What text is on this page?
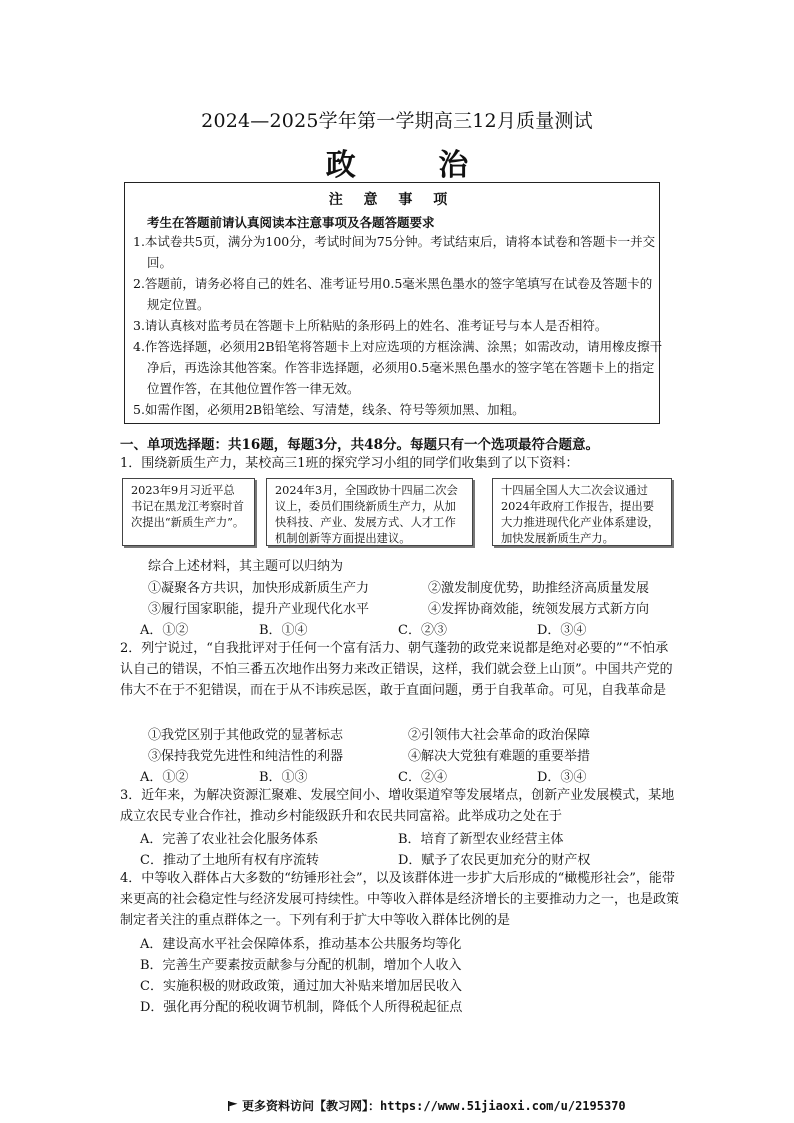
2024—2025学年第一学期高三12月质量测试
政 治
注 意 事 项
考生在答题前请认真阅读本注意事项及各题答题要求
1.本试卷共5页，满分为100分，考试时间为75分钟。考试结束后，请将本试卷和答题卡一并交回。
2.答题前，请务必将自己的姓名、准考证号用0.5毫米黑色墨水的签字笔填写在试卷及答题卡的规定位置。
3.请认真核对监考员在答题卡上所粘贴的条形码上的姓名、准考证号与本人是否相符。
4.作答选择题，必须用2B铅笔将答题卡上对应选项的方框涂满、涂黑；如需改动，请用橡皮擦干净后，再选涂其他答案。作答非选择题，必须用0.5毫米黑色墨水的签字笔在答题卡上的指定位置作答，在其他位置作答一律无效。
5.如需作图，必须用2B铅笔绘、写清楚，线条、符号等须加黑、加粗。
一、单项选择题：共16题，每题3分，共48分。每题只有一个选项最符合题意。
1．围绕新质生产力，某校高三1班的探究学习小组的同学们收集到了以下资料：
2023年9月习近平总书记在黑龙江考察时首次提出“新质生产力”。
2024年3月，全国政协十四届二次会议上，委员们围绕新质生产力，从加快科技、产业、发展方式、人才工作机制创新等方面提出建议。
十四届全国人大二次会议通过2024年政府工作报告，提出要大力推进现代化产业体系建设，加快发展新质生产力。
综合上述材料，其主题可以归纳为
①凝聚各方共识，加快形成新质生产力	②激发制度优势，助推经济高质量发展
③履行国家职能，提升产业现代化水平	④发挥协商效能，统领发展方式新方向
A．①②	B．①④	C．②③	D．③④
2．列宁说过，“自我批评对于任何一个富有活力、朝气蓬勃的政党来说都是绝对必要的”“不怕承认自己的错误，不怕三番五次地作出努力来改正错误，这样，我们就会登上山顶”。中国共产党的伟大不在于不犯错误，而在于从不讳疾忌医，敢于直面问题，勇于自我革命。可见，自我革命是
①我党区别于其他政党的显著标志	②引领伟大社会革命的政治保障
③保持我党先进性和纯洁性的利器	④解决大党独有难题的重要举措
A．①②	B．①③	C．②④	D．③④
3．近年来，为解决资源汇聚难、发展空间小、增收渠道窄等发展堵点，创新产业发展模式，某地成立农民专业合作社，推动乡村能级跃升和农民共同富裕。此举成功之处在于
A．完善了农业社会化服务体系	B．培育了新型农业经营主体
C．推动了土地所有权有序流转	D．赋予了农民更加充分的财产权
4．中等收入群体占大多数的“纺锤形社会”，以及该群体进一步扩大后形成的“橄榄形社会”，能带来更高的社会稳定性与经济发展可持续性。中等收入群体是经济增长的主要推动力之一，也是政策制定者关注的重点群体之一。下列有利于扩大中等收入群体比例的是
A．建设高水平社会保障体系，推动基本公共服务均等化
B．完善生产要素按贡献参与分配的机制，增加个人收入
C．实施积极的财政政策，通过加大补贴来增加居民收入
D．强化再分配的税收调节机制，降低个人所得税起征点
更多资料访问【教习网】：https://www.51jiaoxi.com/u/2195370
